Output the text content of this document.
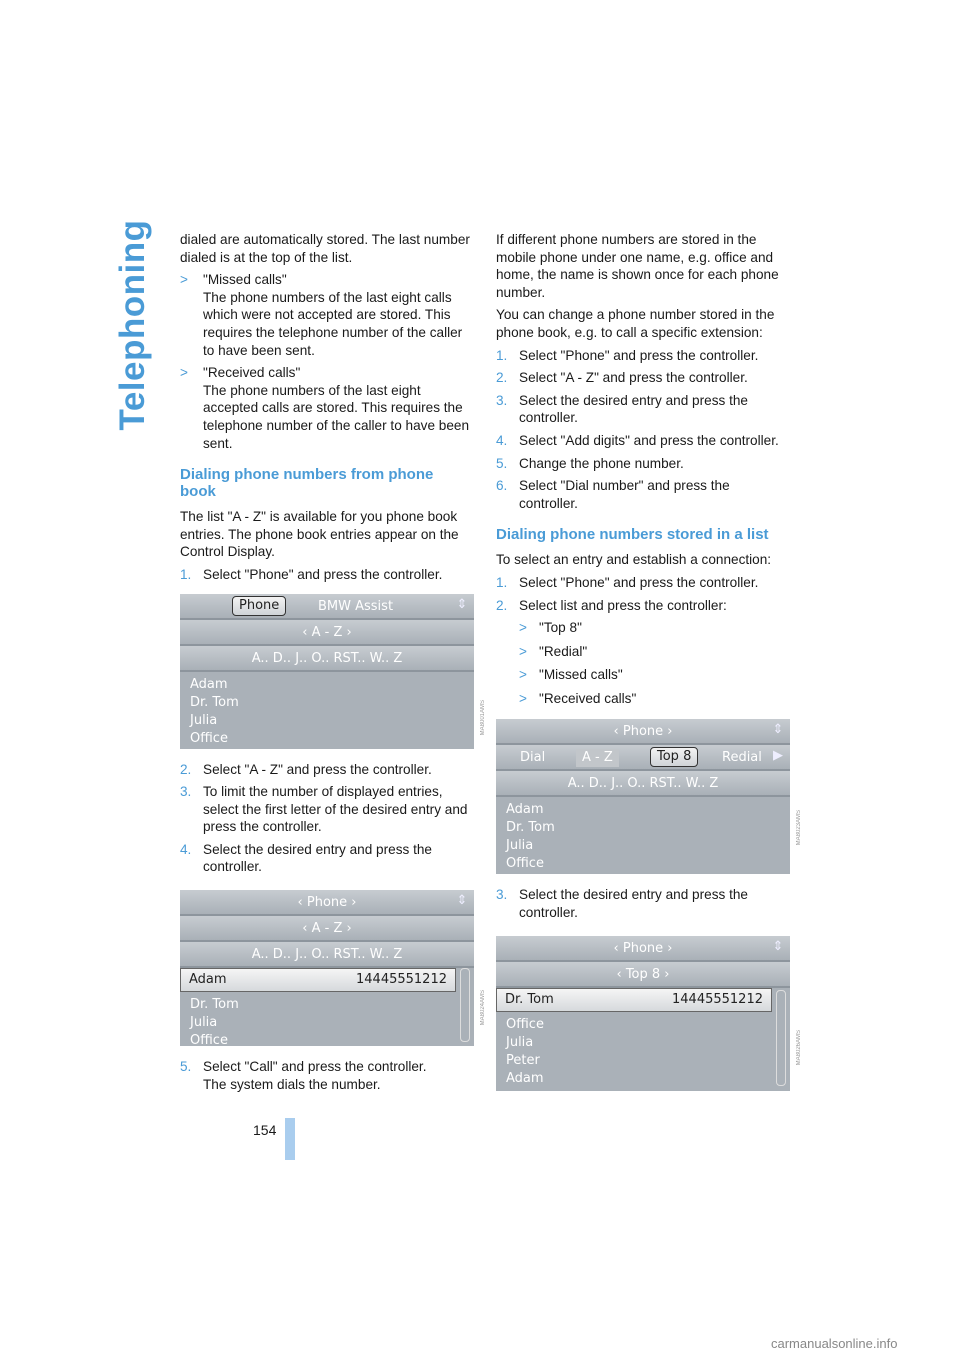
Telephoning dialed are automatically stored. The last number dialed is at the top of the list.

> "Missed calls"
The phone numbers of the last eight calls which were not accepted are stored. This requires the telephone number of the caller to have been sent.
> "Received calls"
The phone numbers of the last eight accepted calls are stored. This requires the telephone number of the caller to have been sent.
Dialing phone numbers from phone book

The list "A - Z" is available for you phone book entries. The phone book entries appear on the Control Display.

1. Select "Phone" and press the controller.
Phone	BMW Assist	⇕
‹ A - Z ›
A.. D.. J.. O.. RST.. W.. Z
Adam
Dr. Tom
Julia
Office
2. Select "A - Z" and press the controller.
3. To limit the number of displayed entries, select the first letter of the desired entry and press the controller.
4. Select the desired entry and press the controller.
‹ Phone ›	⇕
‹ A - Z ›
A.. D.. J.. O.. RST.. W.. Z
Adam	14445551212
Dr. Tom
Julia
Office
5. Select "Call" and press the controller.
The system dials the number.

If different phone numbers are stored in the mobile phone under one name, e.g. office and home, the name is shown once for each phone number.

You can change a phone number stored in the phone book, e.g. to call a specific extension:

1. Select "Phone" and press the controller.
2. Select "A - Z" and press the controller.
3. Select the desired entry and press the controller.
4. Select "Add digits" and press the controller.
5. Change the phone number.
6. Select "Dial number" and press the controller.
Dialing phone numbers stored in a list

To select an entry and establish a connection:

1. Select "Phone" and press the controller.
2. Select list and press the controller:
> "Top 8"
> "Redial"
> "Missed calls"
> "Received calls"
‹ Phone ›	⇕
Dial	A - Z	Top 8	Redial ▶
A.. D.. J.. O.. RST.. W.. Z
Adam
Dr. Tom
Julia
Office
3. Select the desired entry and press the controller.
‹ Phone ›	⇕
‹ Top 8 ›
Dr. Tom	14445551212
Office
Julia
Peter
Adam
MA8001AMS
MA8024AMS
MA8023AMS
MA8026AMS
154
carmanualsonline.info
